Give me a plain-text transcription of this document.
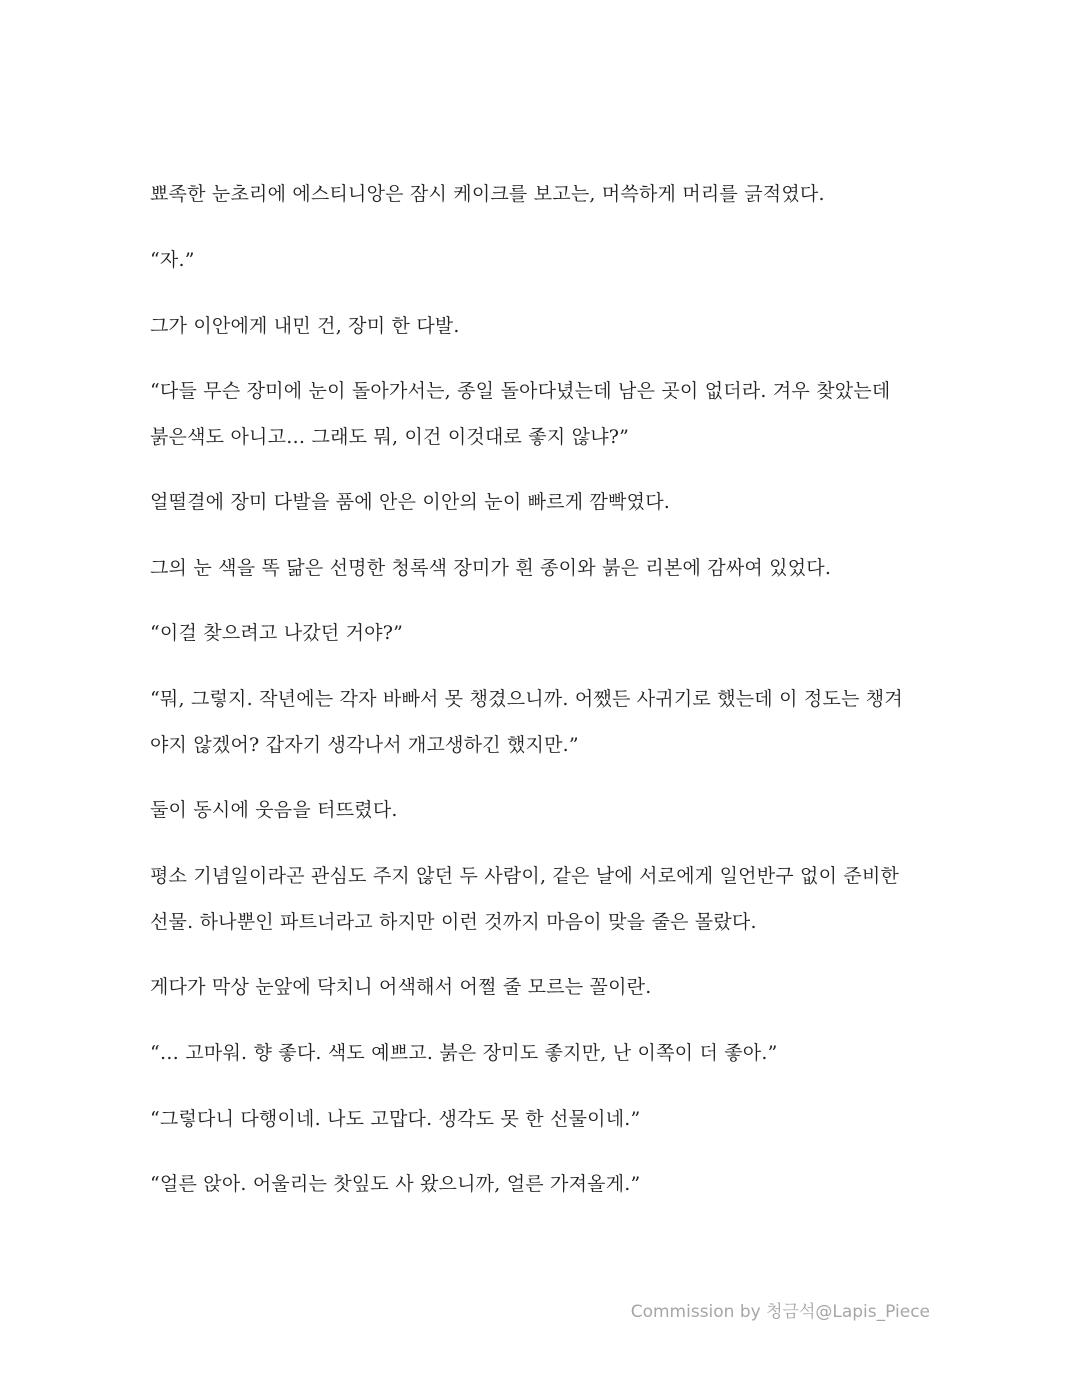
뾰족한 눈초리에 에스티니앙은 잠시 케이크를 보고는, 머쓱하게 머리를 긁적였다.

“자.”

그가 이안에게 내민 건, 장미 한 다발.

“다들 무슨 장미에 눈이 돌아가서는, 종일 돌아다녔는데 남은 곳이 없더라. 겨우 찾았는데
붉은색도 아니고… 그래도 뭐, 이건 이것대로 좋지 않냐?”

얼떨결에 장미 다발을 품에 안은 이안의 눈이 빠르게 깜빡였다.

그의 눈 색을 똑 닮은 선명한 청록색 장미가 흰 종이와 붉은 리본에 감싸여 있었다.

“이걸 찾으려고 나갔던 거야?”

“뭐, 그렇지. 작년에는 각자 바빠서 못 챙겼으니까. 어쨌든 사귀기로 했는데 이 정도는 챙겨
야지 않겠어? 갑자기 생각나서 개고생하긴 했지만.”

둘이 동시에 웃음을 터뜨렸다.

평소 기념일이라곤 관심도 주지 않던 두 사람이, 같은 날에 서로에게 일언반구 없이 준비한
선물. 하나뿐인 파트너라고 하지만 이런 것까지 마음이 맞을 줄은 몰랐다.

게다가 막상 눈앞에 닥치니 어색해서 어쩔 줄 모르는 꼴이란.

“… 고마워. 향 좋다. 색도 예쁘고. 붉은 장미도 좋지만, 난 이쪽이 더 좋아.”

“그렇다니 다행이네. 나도 고맙다. 생각도 못 한 선물이네.”

“얼른 앉아. 어울리는 찻잎도 사 왔으니까, 얼른 가져올게.”

Commission by 청금석@Lapis_Piece
